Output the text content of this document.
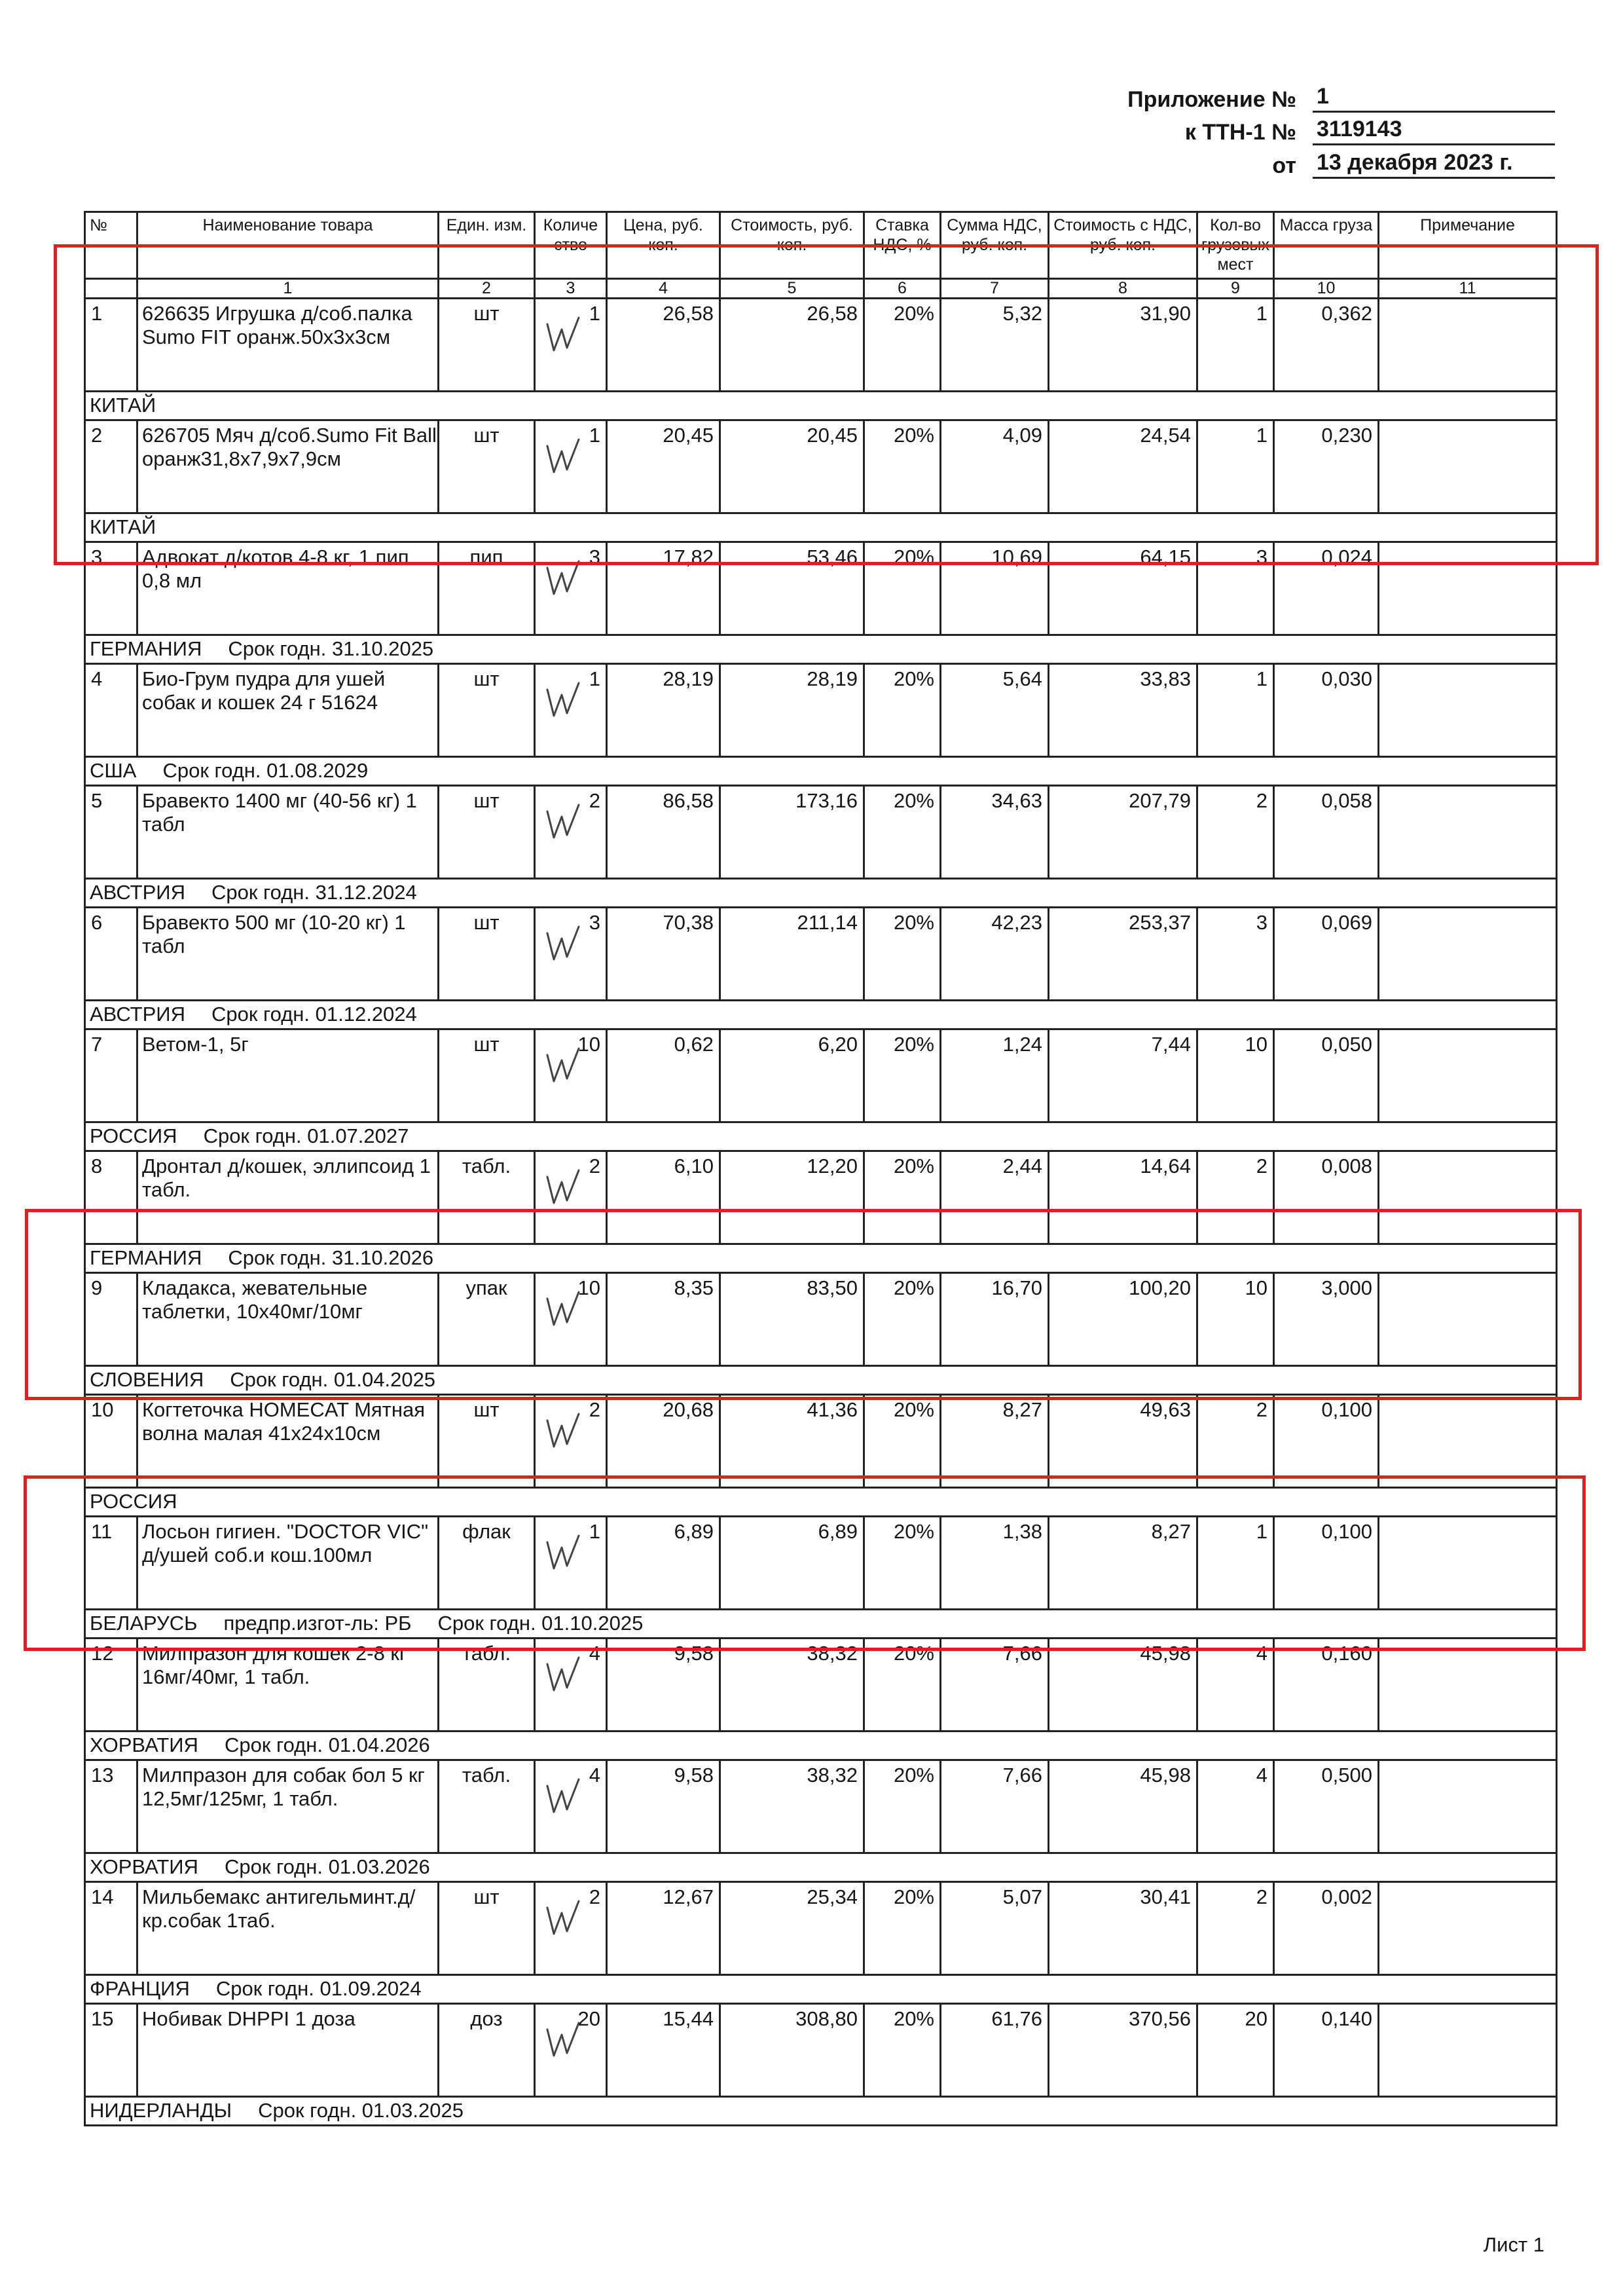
Приложение № 1
к ТТН-1 № 3119143
от 13 декабря 2023 г.
№	Наименование товара	Един. изм.	Количе ство	Цена, руб. коп.	Стоимость, руб. коп.	Ставка НДС, %	Сумма НДС, руб. коп.	Стоимость с НДС, руб. коп.	Кол-во грузовых мест	Масса груза	Примечание
	1	2	3	4	5	6	7	8	9	10	11
1	626635 Игрушка д/соб.палка Sumo FIT оранж.50х3х3см	шт	1	26,58	26,58	20%	5,32	31,90	1	0,362	
КИТАЙ											
2	626705 Мяч д/соб.Sumo Fit Ball оранж31,8х7,9х7,9см	шт	1	20,45	20,45	20%	4,09	24,54	1	0,230	
КИТАЙ											
3	Адвокат д/котов 4-8 кг, 1 пип 0,8 мл	пип	3	17,82	53,46	20%	10,69	64,15	3	0,024	
ГЕРМАНИЯ Срок годн. 31.10.2025											
4	Био-Грум пудра для ушей собак и кошек 24 г 51624	шт	1	28,19	28,19	20%	5,64	33,83	1	0,030	
США Срок годн. 01.08.2029											
5	Бравекто 1400 мг (40-56 кг) 1 табл	шт	2	86,58	173,16	20%	34,63	207,79	2	0,058	
АВСТРИЯ Срок годн. 31.12.2024											
6	Бравекто 500 мг (10-20 кг) 1 табл	шт	3	70,38	211,14	20%	42,23	253,37	3	0,069	
АВСТРИЯ Срок годн. 01.12.2024											
7	Ветом-1, 5г	шт	10	0,62	6,20	20%	1,24	7,44	10	0,050	
РОССИЯ Срок годн. 01.07.2027											
8	Дронтал д/кошек, эллипсоид 1 табл.	табл.	2	6,10	12,20	20%	2,44	14,64	2	0,008	
ГЕРМАНИЯ Срок годн. 31.10.2026											
9	Кладакса, жевательные таблетки, 10х40мг/10мг	упак	10	8,35	83,50	20%	16,70	100,20	10	3,000	
СЛОВЕНИЯ Срок годн. 01.04.2025											
10	Когтеточка HOMECAT Мятная волна малая 41х24х10см	шт	2	20,68	41,36	20%	8,27	49,63	2	0,100	
РОССИЯ											
11	Лосьон гигиен. "DOCTOR VIC" д/ушей соб.и кош.100мл	флак	1	6,89	6,89	20%	1,38	8,27	1	0,100	
БЕЛАРУСЬ предпр.изгот-ль: РБ Срок годн. 01.10.2025											
12	Милпразон для кошек 2-8 кг 16мг/40мг, 1 табл.	табл.	4	9,58	38,32	20%	7,66	45,98	4	0,160	
ХОРВАТИЯ Срок годн. 01.04.2026											
13	Милпразон для собак бол 5 кг 12,5мг/125мг, 1 табл.	табл.	4	9,58	38,32	20%	7,66	45,98	4	0,500	
ХОРВАТИЯ Срок годн. 01.03.2026											
14	Мильбемакс антигельминт.д/кр.собак 1таб.	шт	2	12,67	25,34	20%	5,07	30,41	2	0,002	
ФРАНЦИЯ Срок годн. 01.09.2024											
15	Нобивак DHPPI 1 доза	доз	20	15,44	308,80	20%	61,76	370,56	20	0,140	
НИДЕРЛАНДЫ Срок годн. 01.03.2025											
Лист 1
